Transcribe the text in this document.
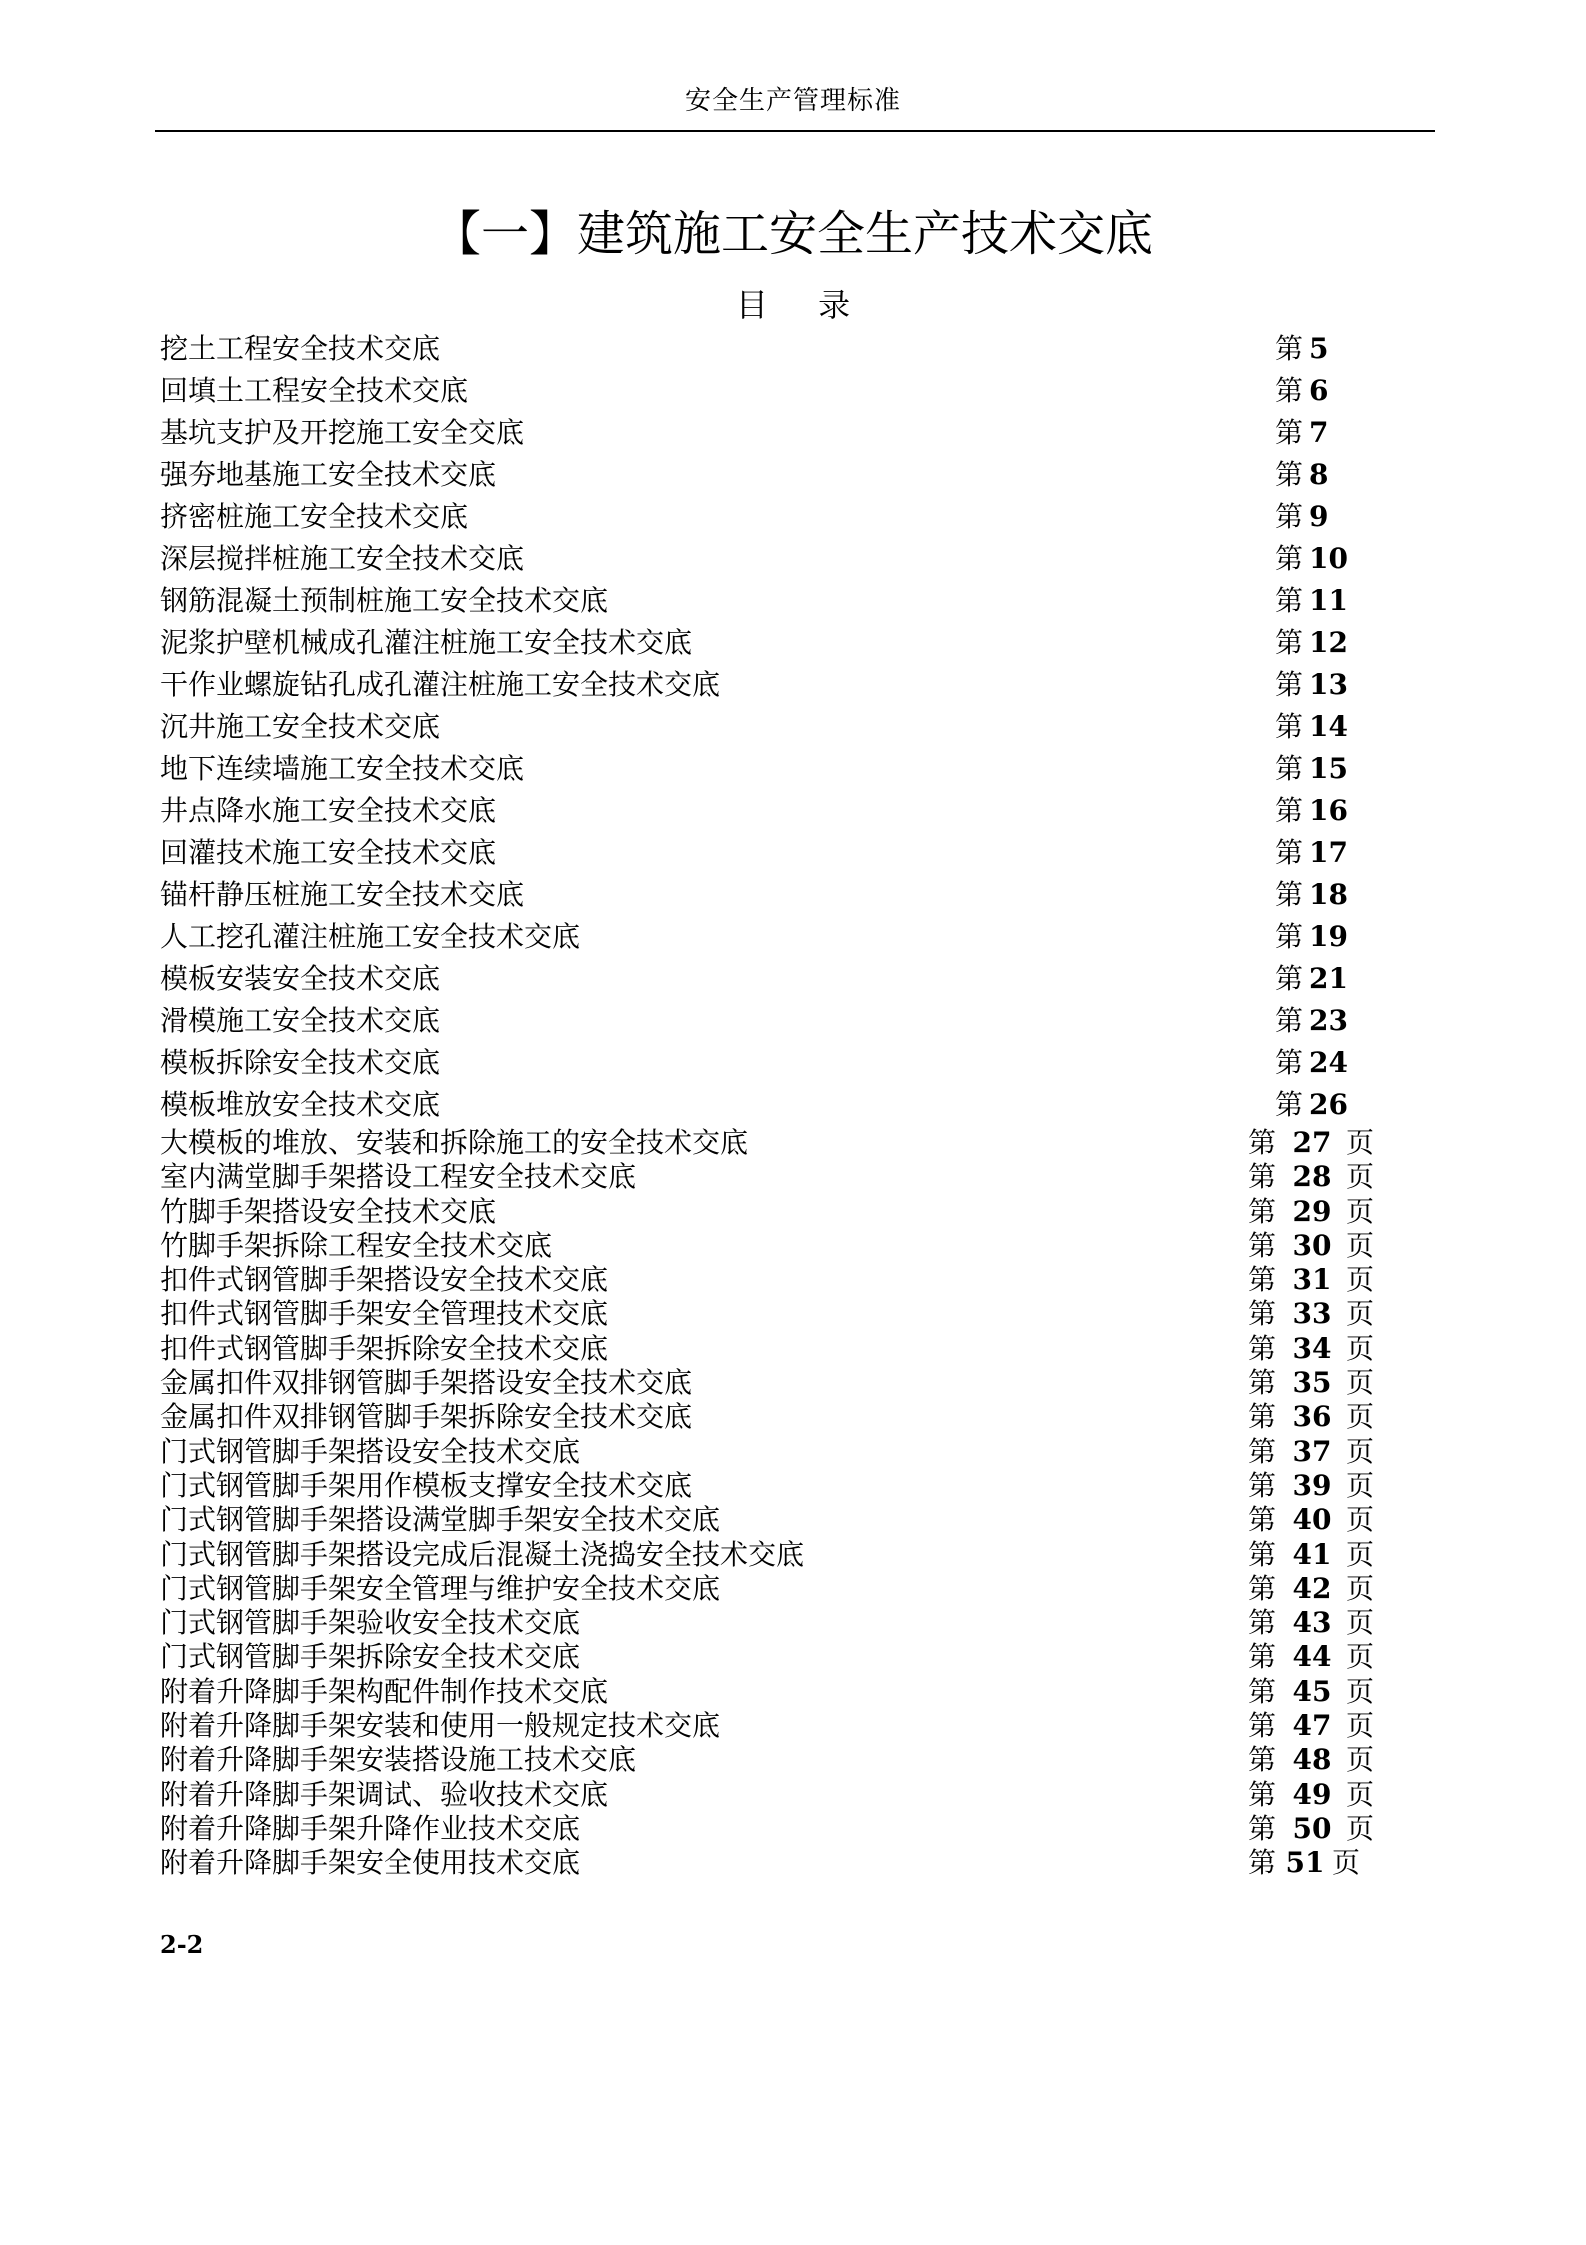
安全生产管理标准
【一】建筑施工安全生产技术交底
目 录
挖土工程安全技术交底	第 5
回填土工程安全技术交底	第 6
基坑支护及开挖施工安全交底	第 7
强夯地基施工安全技术交底	第 8
挤密桩施工安全技术交底	第 9
深层搅拌桩施工安全技术交底	第 10
钢筋混凝土预制桩施工安全技术交底	第 11
泥浆护壁机械成孔灌注桩施工安全技术交底	第 12
干作业螺旋钻孔成孔灌注桩施工安全技术交底	第 13
沉井施工安全技术交底	第 14
地下连续墙施工安全技术交底	第 15
井点降水施工安全技术交底	第 16
回灌技术施工安全技术交底	第 17
锚杆静压桩施工安全技术交底	第 18
人工挖孔灌注桩施工安全技术交底	第 19
模板安装安全技术交底	第 21
滑模施工安全技术交底	第 23
模板拆除安全技术交底	第 24
模板堆放安全技术交底	第 26
大模板的堆放、安装和拆除施工的安全技术交底	第 27 页
室内满堂脚手架搭设工程安全技术交底	第 28 页
竹脚手架搭设安全技术交底	第 29 页
竹脚手架拆除工程安全技术交底	第 30 页
扣件式钢管脚手架搭设安全技术交底	第 31 页
扣件式钢管脚手架安全管理技术交底	第 33 页
扣件式钢管脚手架拆除安全技术交底	第 34 页
金属扣件双排钢管脚手架搭设安全技术交底	第 35 页
金属扣件双排钢管脚手架拆除安全技术交底	第 36 页
门式钢管脚手架搭设安全技术交底	第 37 页
门式钢管脚手架用作模板支撑安全技术交底	第 39 页
门式钢管脚手架搭设满堂脚手架安全技术交底	第 40 页
门式钢管脚手架搭设完成后混凝土浇捣安全技术交底	第 41 页
门式钢管脚手架安全管理与维护安全技术交底	第 42 页
门式钢管脚手架验收安全技术交底	第 43 页
门式钢管脚手架拆除安全技术交底	第 44 页
附着升降脚手架构配件制作技术交底	第 45 页
附着升降脚手架安装和使用一般规定技术交底	第 47 页
附着升降脚手架安装搭设施工技术交底	第 48 页
附着升降脚手架调试、验收技术交底	第 49 页
附着升降脚手架升降作业技术交底	第 50 页
附着升降脚手架安全使用技术交底	第 51 页
2-2
